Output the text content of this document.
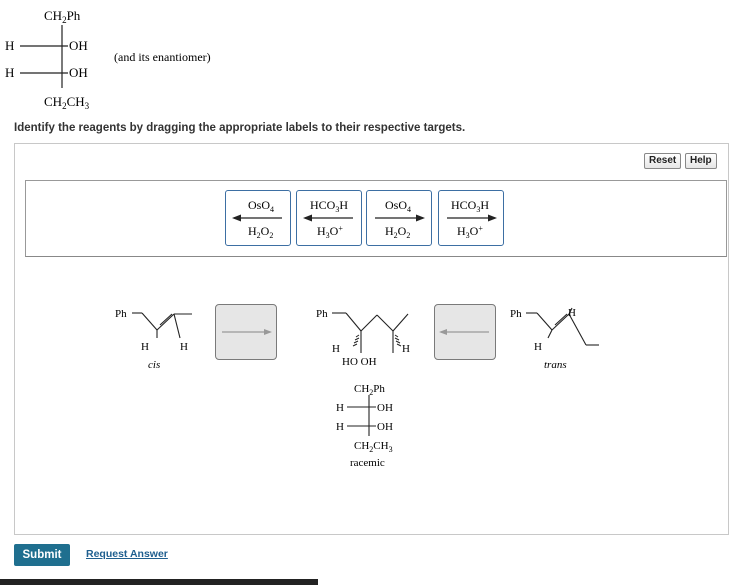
$CH_2Ph$
H	OH
H	OH
$CH_2CH_3$
(and its enantiomer)
Identify the reagents by dragging the appropriate labels to their respective targets.
Reset	Help
OsO$_4$
$H_2O_2$
$HCO_3H$
$H_3O^+$
OsO$_4$
$H_2O_2$
$HCO_3H$
$H_3O^+$
Ph
H	H
cis
Ph
H	H
HO OH
$CH_2Ph$
H	OH
H	OH
$CH_2CH_3$
racemic
Ph	H
H
trans
Submit	Request Answer
